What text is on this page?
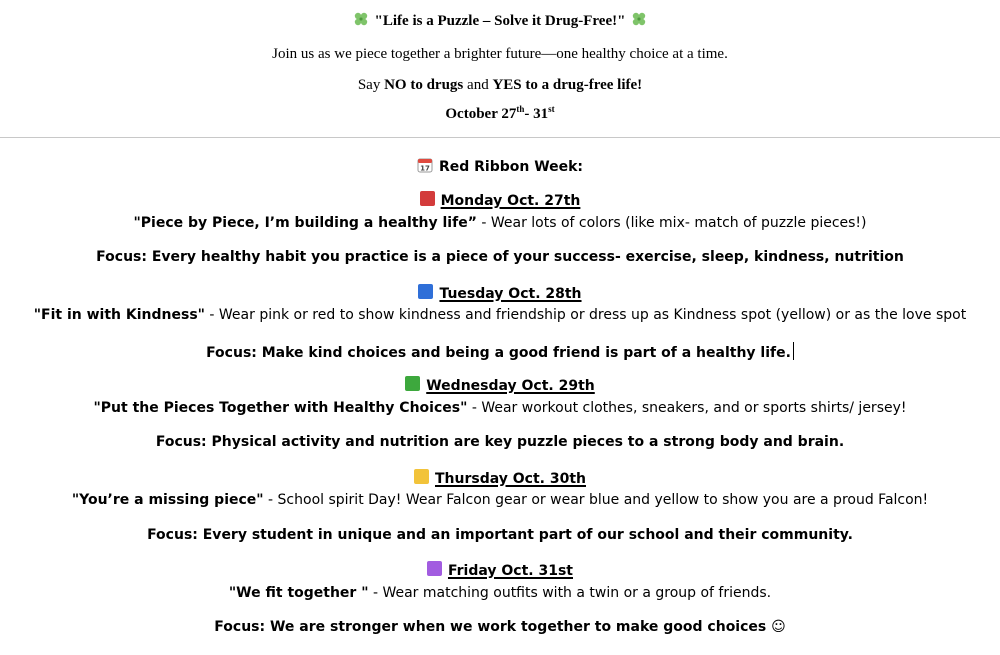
"Life is a Puzzle – Solve it Drug-Free!"
Join us as we piece together a brighter future—one healthy choice at a time.
Say NO to drugs and YES to a drug-free life!
October 27th- 31st
17 Red Ribbon Week:
Monday Oct. 27th
"Piece by Piece, I’m building a healthy life” - Wear lots of colors (like mix- match of puzzle pieces!)
Focus: Every healthy habit you practice is a piece of your success- exercise, sleep, kindness, nutrition
Tuesday Oct. 28th
"Fit in with Kindness" - Wear pink or red to show kindness and friendship or dress up as Kindness spot (yellow) or as the love spot
Focus: Make kind choices and being a good friend is part of a healthy life.
Wednesday Oct. 29th
"Put the Pieces Together with Healthy Choices" - Wear workout clothes, sneakers, and or sports shirts/ jersey!
Focus: Physical activity and nutrition are key puzzle pieces to a strong body and brain.
Thursday Oct. 30th
"You’re a missing piece" - School spirit Day! Wear Falcon gear or wear blue and yellow to show you are a proud Falcon!
Focus: Every student in unique and an important part of our school and their community.
Friday Oct. 31st
"We fit together " - Wear matching outfits with a twin or a group of friends.
Focus: We are stronger when we work together to make good choices ☺
